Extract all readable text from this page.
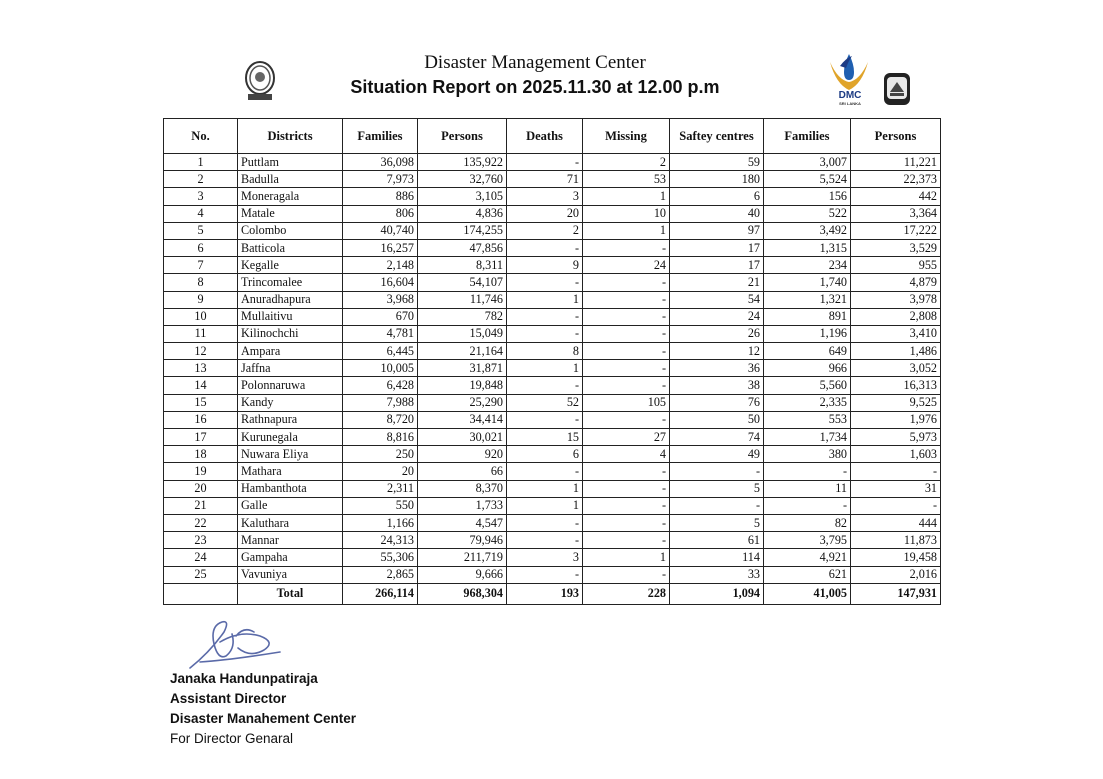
Disaster Management Center
Situation Report on 2025.11.30 at 12.00 p.m	DMC
SRI LANKA
No.	Districts	Families	Persons	Deaths	Missing	Saftey centres	Families	Persons
1	Puttlam	36,098	135,922	-	2	59	3,007	11,221
2	Badulla	7,973	32,760	71	53	180	5,524	22,373
3	Moneragala	886	3,105	3	1	6	156	442
4	Matale	806	4,836	20	10	40	522	3,364
5	Colombo	40,740	174,255	2	1	97	3,492	17,222
6	Batticola	16,257	47,856	-	-	17	1,315	3,529
7	Kegalle	2,148	8,311	9	24	17	234	955
8	Trincomalee	16,604	54,107	-	-	21	1,740	4,879
9	Anuradhapura	3,968	11,746	1	-	54	1,321	3,978
10	Mullaitivu	670	782	-	-	24	891	2,808
11	Kilinochchi	4,781	15,049	-	-	26	1,196	3,410
12	Ampara	6,445	21,164	8	-	12	649	1,486
13	Jaffna	10,005	31,871	1	-	36	966	3,052
14	Polonnaruwa	6,428	19,848	-	-	38	5,560	16,313
15	Kandy	7,988	25,290	52	105	76	2,335	9,525
16	Rathnapura	8,720	34,414	-	-	50	553	1,976
17	Kurunegala	8,816	30,021	15	27	74	1,734	5,973
18	Nuwara Eliya	250	920	6	4	49	380	1,603
19	Mathara	20	66	-	-	-	-	-
20	Hambanthota	2,311	8,370	1	-	5	11	31
21	Galle	550	1,733	1	-	-	-	-
22	Kaluthara	1,166	4,547	-	-	5	82	444
23	Mannar	24,313	79,946	-	-	61	3,795	11,873
24	Gampaha	55,306	211,719	3	1	114	4,921	19,458
25	Vavuniya	2,865	9,666	-	-	33	621	2,016
	Total	266,114	968,304	193	228	1,094	41,005	147,931
Janaka Handunpatiraja
Assistant Director
Disaster Manahement Center
For Director Genaral
